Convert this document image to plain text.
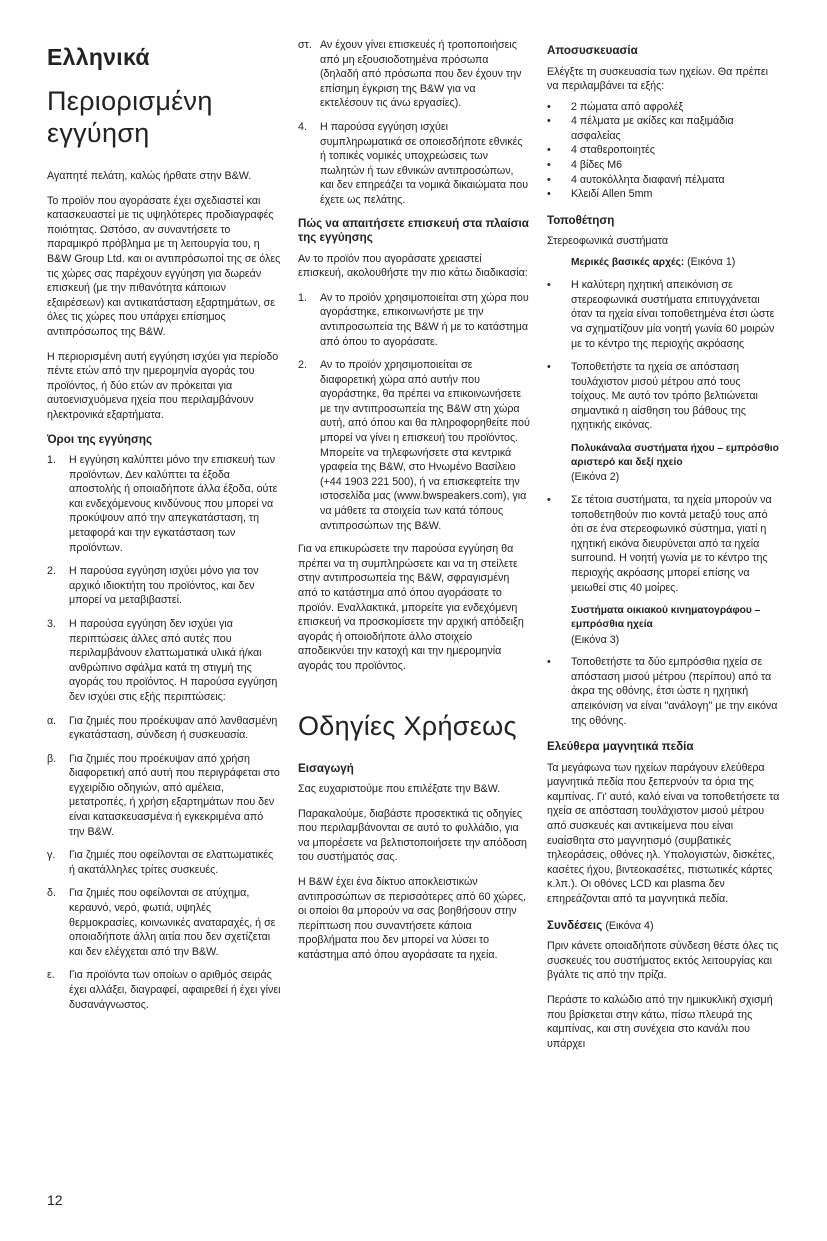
Ελληνικά
Περιορισμένη εγγύηση

Αγαπητέ πελάτη, καλώς ήρθατε στην B&W.

Το προϊόν που αγοράσατε έχει σχεδιαστεί και κατασκευαστεί με τις υψηλότερες προδιαγραφές ποιότητας. Ωστόσο, αν συναντήσετε το παραμικρό πρόβλημα με τη λειτουργία του, η B&W Group Ltd. και οι αντιπρόσωποί της σε όλες τις χώρες σας παρέχουν εγγύηση για δωρεάν επισκευή (με την πιθανότητα κάποιων εξαιρέσεων) και αντικατάσταση εξαρτημάτων, σε όλες τις χώρες που υπάρχει επίσημος αντιπρόσωπος της B&W.

Η περιορισμένη αυτή εγγύηση ισχύει για περίοδο πέντε ετών από την ημερομηνία αγοράς του προϊόντος, ή δύο ετών αν πρόκειται για αυτοενισχυόμενα ηχεία που περιλαμβάνουν ηλεκτρονικά εξαρτήματα.

Όροι της εγγύησης
1.	Η εγγύηση καλύπτει μόνο την επισκευή των προϊόντων. Δεν καλύπτει τα έξοδα αποστολής ή οποιαδήποτε άλλα έξοδα, ούτε και ενδεχόμενους κινδύνους που μπορεί να προκύψουν από την απεγκατάσταση, τη μεταφορά και την εγκατάσταση των προϊόντων.
2.	Η παρούσα εγγύηση ισχύει μόνο για τον αρχικό ιδιοκτήτη του προϊόντος, και δεν μπορεί να μεταβιβαστεί.
3.	Η παρούσα εγγύηση δεν ισχύει για περιπτώσεις άλλες από αυτές που περιλαμβάνουν ελαττωματικά υλικά ή/και ανθρώπινο σφάλμα κατά τη στιγμή της αγοράς του προϊόντος. Η παρούσα εγγύηση δεν ισχύει στις εξής περιπτώσεις:
α.	Για ζημιές που προέκυψαν από λανθασμένη εγκατάσταση, σύνδεση ή συσκευασία.
β.	Για ζημιές που προέκυψαν από χρήση διαφορετική από αυτή που περιγράφεται στο εγχειρίδιο οδηγιών, από αμέλεια, μετατροπές, ή χρήση εξαρτημάτων που δεν είναι κατασκευασμένα ή εγκεκριμένα από την B&W.
γ.	Για ζημιές που οφείλονται σε ελαττωματικές ή ακατάλληλες τρίτες συσκευές.
δ.	Για ζημιές που οφείλονται σε ατύχημα, κεραυνό, νερό, φωτιά, υψηλές θερμοκρασίες, κοινωνικές αναταραχές, ή σε οποιαδήποτε άλλη αιτία που δεν σχετίζεται και δεν ελέγχεται από την B&W.
ε.	Για προϊόντα των οποίων ο αριθμός σειράς έχει αλλάξει, διαγραφεί, αφαιρεθεί ή έχει γίνει δυσανάγνωστος.
στ. Αν έχουν γίνει επισκευές ή τροποποιήσεις από μη εξουσιοδοτημένα πρόσωπα (δηλαδή από πρόσωπα που δεν έχουν την επίσημη έγκριση της B&W για να εκτελέσουν τις άνω εργασίες).
4.	Η παρούσα εγγύηση ισχύει συμπληρωματικά σε οποιεσδήποτε εθνικές ή τοπικές νομικές υποχρεώσεις των πωλητών ή των εθνικών αντιπροσώπων, και δεν επηρεάζει τα νομικά δικαιώματα που έχετε ως πελάτης.
Πώς να απαιτήσετε επισκευή στα πλαίσια της εγγύησης

Αν το προϊόν που αγοράσατε χρειαστεί επισκευή, ακολουθήστε την πιο κάτω διαδικασία:

1.	Αν το προϊόν χρησιμοποιείται στη χώρα που αγοράστηκε, επικοινωνήστε με την αντιπροσωπεία της B&W ή με το κατάστημα από όπου το αγοράσατε.
2.	Αν το προϊόν χρησιμοποιείται σε διαφορετική χώρα από αυτήν που αγοράστηκε, θα πρέπει να επικοινωνήσετε με την αντιπροσωπεία της B&W στη χώρα αυτή, από όπου και θα πληροφορηθείτε πού μπορεί να γίνει η επισκευή του προϊόντος. Μπορείτε να τηλεφωνήσετε στα κεντρικά γραφεία της B&W, στο Ηνωμένο Βασίλειο (+44 1903 221 500), ή να επισκεφτείτε την ιστοσελίδα μας (www.bwspeakers.com), για να μάθετε τα στοιχεία των κατά τόπους αντιπροσώπων της B&W.

Για να επικυρώσετε την παρούσα εγγύηση θα πρέπει να τη συμπληρώσετε και να τη στείλετε στην αντιπροσωπεία της B&W, σφραγισμένη από το κατάστημα από όπου αγοράσατε το προϊόν. Εναλλακτικά, μπορείτε για ενδεχόμενη επισκευή να προσκομίσετε την αρχική απόδειξη αγοράς ή οποιοδήποτε άλλο στοιχείο αποδεικνύει την κατοχή και την ημερομηνία αγοράς του προϊόντος.

Οδηγίες Χρήσεως
Εισαγωγή

Σας ευχαριστούμε που επιλέξατε την B&W.

Παρακαλούμε, διαβάστε προσεκτικά τις οδηγίες που περιλαμβάνονται σε αυτό το φυλλάδιο, για να μπορέσετε να βελτιστοποιήσετε την απόδοση του συστήματός σας.

Η B&W έχει ένα δίκτυο αποκλειστικών αντιπροσώπων σε περισσότερες από 60 χώρες, οι οποίοι θα μπορούν να σας βοηθήσουν στην περίπτωση που συναντήσετε κάποια προβλήματα που δεν μπορεί να λύσει το κατάστημα από όπου αγοράσατε τα ηχεία.

Αποσυσκευασία

Ελέγξτε τη συσκευασία των ηχείων. Θα πρέπει να περιλαμβάνει τα εξής:

•	2 πώματα από αφρολέξ
•	4 πέλματα με ακίδες και παξιμάδια ασφαλείας
•	4 σταθεροποιητές
•	4 βίδες M6
•	4 αυτοκόλλητα διαφανή πέλματα
•	Κλειδί Allen 5mm
Τοποθέτηση

Στερεοφωνικά συστήματα

Μερικές βασικές αρχές: (Εικόνα 1)
•	Η καλύτερη ηχητική απεικόνιση σε στερεοφωνικά συστήματα επιτυγχάνεται όταν τα ηχεία είναι τοποθετημένα έτσι ώστε να σχηματίζουν μία νοητή γωνία 60 μοιρών με το κέντρο της περιοχής ακρόασης
•	Τοποθετήστε τα ηχεία σε απόσταση τουλάχιστον μισού μέτρου από τους τοίχους. Με αυτό τον τρόπο βελτιώνεται σημαντικά η αίσθηση του βάθους της ηχητικής εικόνας.
Πολυκάναλα συστήματα ήχου – εμπρόσθιο αριστερό και δεξί ηχείο
(Εικόνα 2)
•	Σε τέτοια συστήματα, τα ηχεία μπορούν να τοποθετηθούν πιο κοντά μεταξύ τους από ότι σε ένα στερεοφωνικό σύστημα, γιατί η ηχητική εικόνα διευρύνεται από τα ηχεία surround. Η νοητή γωνία με το κέντρο της περιοχής ακρόασης μπορεί επίσης να μειωθεί στις 40 μοίρες.
Συστήματα οικιακού κινηματογράφου – εμπρόσθια ηχεία
(Εικόνα 3)
•	Τοποθετήστε τα δύο εμπρόσθια ηχεία σε απόσταση μισού μέτρου (περίπου) από τα άκρα της οθόνης, έτσι ώστε η ηχητική απεικόνιση να είναι "ανάλογη" με την εικόνα της οθόνης.
Ελεύθερα μαγνητικά πεδία

Τα μεγάφωνα των ηχείων παράγουν ελεύθερα μαγνητικά πεδία που ξεπερνούν τα όρια της καμπίνας. Γι' αυτό, καλό είναι να τοποθετήσετε τα ηχεία σε απόσταση τουλάχιστον μισού μέτρου από συσκευές και αντικείμενα που είναι ευαίσθητα στο μαγνητισμό (συμβατικές τηλεοράσεις, οθόνες ηλ. Υπολογιστών, δισκέτες, κασέτες ήχου, βιντεοκασέτες, πιστωτικές κάρτες κ.λπ.). Οι οθόνες LCD και plasma δεν επηρεάζονται από τα μαγνητικά πεδία.

Συνδέσεις (Εικόνα 4)

Πριν κάνετε οποιαδήποτε σύνδεση θέστε όλες τις συσκευές του συστήματος εκτός λειτουργίας και βγάλτε τις από την πρίζα.

Περάστε το καλώδιο από την ημικυκλική σχισμή που βρίσκεται στην κάτω, πίσω πλευρά της καμπίνας, και στη συνέχεια στο κανάλι που υπάρχει

12
